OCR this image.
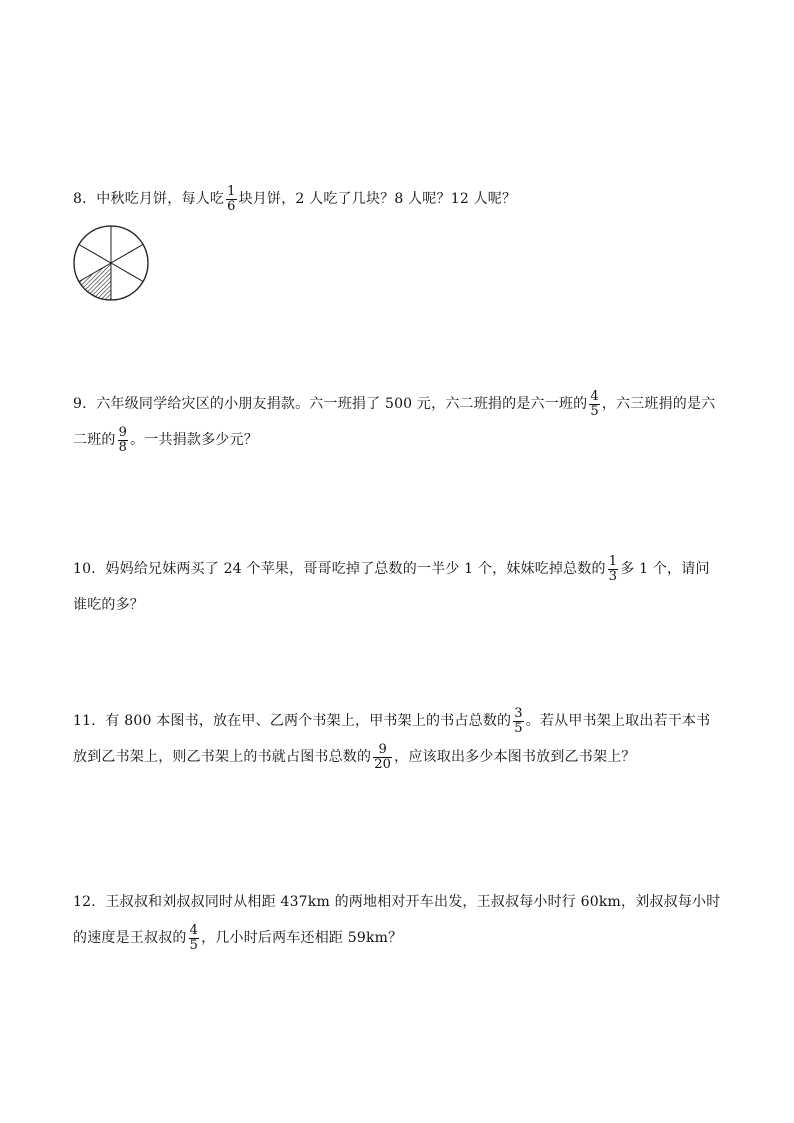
8．中秋吃月饼，每人吃 $\frac{1}{6}$ 块月饼，2 人吃了几块？8 人呢？12 人呢？
9．六年级同学给灾区的小朋友捐款。六一班捐了 500 元，六二班捐的是六一班的 $\frac{4}{5}$ ，六三班捐的是六二班的 $\frac{9}{8}$ 。一共捐款多少元？
10．妈妈给兄妹两买了 24 个苹果，哥哥吃掉了总数的一半少 1 个，妹妹吃掉总数的 $\frac{1}{3}$ 多 1 个，请问谁吃的多？
11．有 800 本图书，放在甲、乙两个书架上，甲书架上的书占总数的 $\frac{3}{5}$ 。若从甲书架上取出若干本书放到乙书架上，则乙书架上的书就占图书总数的 $\frac{9}{20}$ ，应该取出多少本图书放到乙书架上？
12．王叔叔和刘叔叔同时从相距 437km 的两地相对开车出发，王叔叔每小时行 60km，刘叔叔每小时的速度是王叔叔的 $\frac{4}{5}$ ，几小时后两车还相距 59km？
